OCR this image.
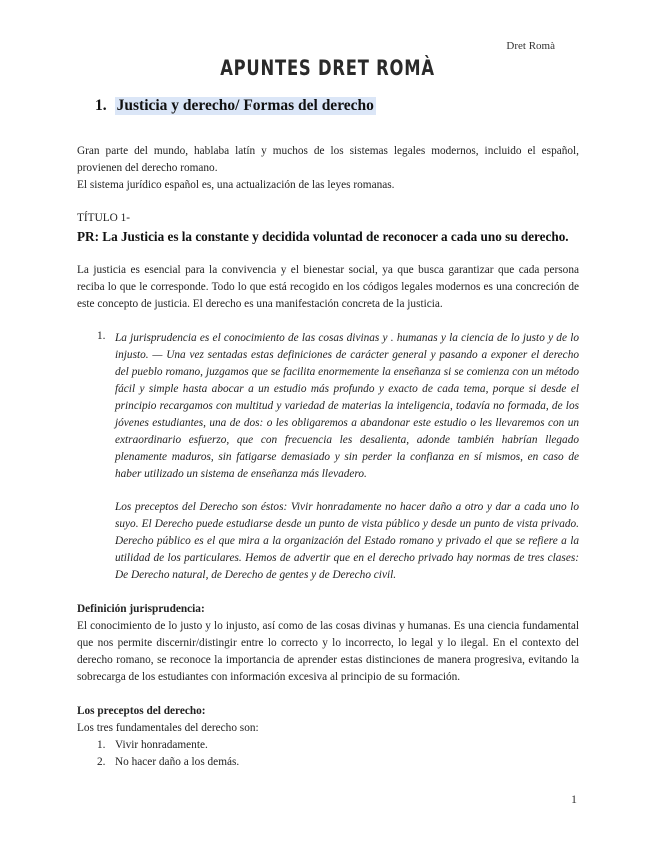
Dret Romà
APUNTES DRET ROMÀ
1. Justicia y derecho/ Formas del derecho

Gran parte del mundo, hablaba latín y muchos de los sistemas legales modernos, incluido el español, provienen del derecho romano.

El sistema jurídico español es, una actualización de las leyes romanas.

TÍTULO 1-

PR: La Justicia es la constante y decidida voluntad de reconocer a cada uno su derecho.

La justicia es esencial para la convivencia y el bienestar social, ya que busca garantizar que cada persona reciba lo que le corresponde. Todo lo que está recogido en los códigos legales modernos es una concreción de este concepto de justicia. El derecho es una manifestación concreta de la justicia.

1. La jurisprudencia es el conocimiento de las cosas divinas y . humanas y la ciencia de lo justo y de lo injusto. — Una vez sentadas estas definiciones de carácter general y pasando a exponer el derecho del pueblo romano, juzgamos que se facilita enormemente la enseñanza si se comienza con un método fácil y simple hasta abocar a un estudio más profundo y exacto de cada tema, porque si desde el principio recargamos con multitud y variedad de materias la inteligencia, todavía no formada, de los jóvenes estudiantes, una de dos: o les obligaremos a abandonar este estudio o les llevaremos con un extraordinario esfuerzo, que con frecuencia les desalienta, adonde también habrían llegado plenamente maduros, sin fatigarse demasiado y sin perder la confianza en sí mismos, en caso de haber utilizado un sistema de enseñanza más llevadero.

Los preceptos del Derecho son éstos: Vivir honradamente no hacer daño a otro y dar a cada uno lo suyo. El Derecho puede estudiarse desde un punto de vista público y desde un punto de vista privado. Derecho público es el que mira a la organización del Estado romano y privado el que se refiere a la utilidad de los particulares. Hemos de advertir que en el derecho privado hay normas de tres clases: De Derecho natural, de Derecho de gentes y de Derecho civil.

Definición jurisprudencia:

El conocimiento de lo justo y lo injusto, así como de las cosas divinas y humanas. Es una ciencia fundamental que nos permite discernir/distingir entre lo correcto y lo incorrecto, lo legal y lo ilegal. En el contexto del derecho romano, se reconoce la importancia de aprender estas distinciones de manera progresiva, evitando la sobrecarga de los estudiantes con información excesiva al principio de su formación.

Los preceptos del derecho:

Los tres fundamentales del derecho son:

1. Vivir honradamente.
2. No hacer daño a los demás.
1
